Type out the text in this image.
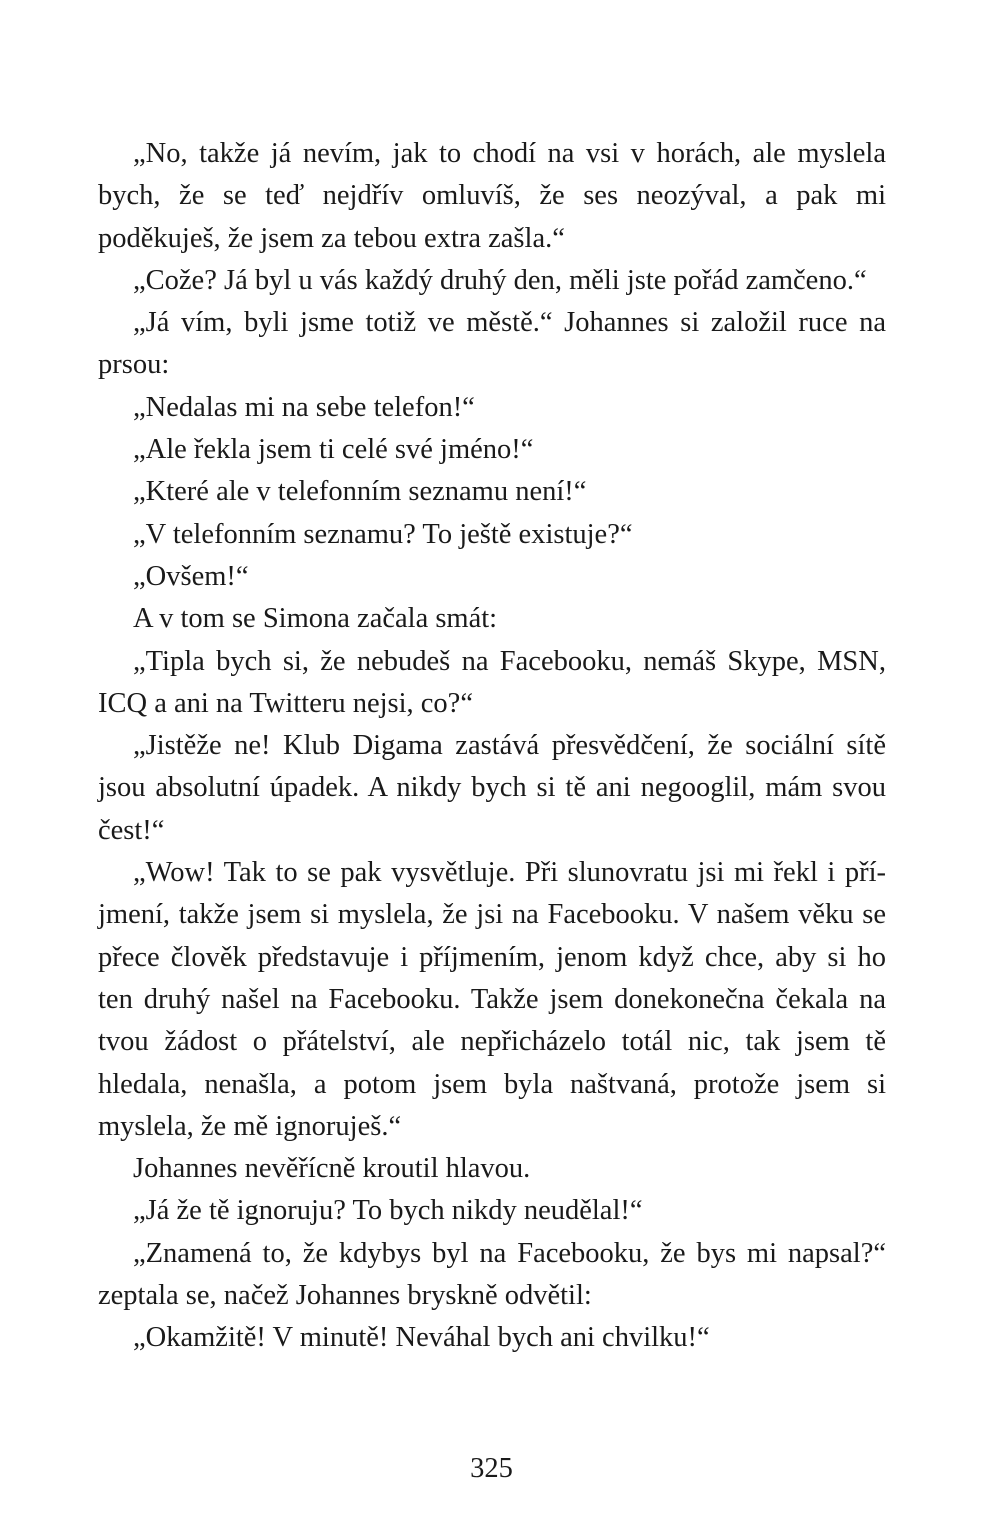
„No, takže já nevím, jak to chodí na vsi v horách, ale myslela bych, že se teď nejdřív omluvíš, že ses neozýval, a pak mi poděkuješ, že jsem za tebou extra zašla.“

„Cože? Já byl u vás každý druhý den, měli jste pořád zamčeno.“

„Já vím, byli jsme totiž ve městě.“ Johannes si založil ruce na prsou:

„Nedalas mi na sebe telefon!“

„Ale řekla jsem ti celé své jméno!“

„Které ale v telefonním seznamu není!“

„V telefonním seznamu? To ještě existuje?“

„Ovšem!“

A v tom se Simona začala smát:

„Tipla bych si, že nebudeš na Facebooku, nemáš Skype, MSN, ICQ a ani na Twitteru nejsi, co?“

„Jistěže ne! Klub Digama zastává přesvědčení, že sociální sítě jsou absolutní úpadek. A nikdy bych si tě ani negooglil, mám svou čest!“

„Wow! Tak to se pak vysvětluje. Při slunovratu jsi mi řekl i příjmení, takže jsem si myslela, že jsi na Facebooku. V našem věku se přece člověk představuje i příjmením, jenom když chce, aby si ho ten druhý našel na Facebooku. Takže jsem donekonečna čekala na tvou žádost o přátelství, ale nepřicházelo totál nic, tak jsem tě hledala, nenašla, a potom jsem byla naštvaná, protože jsem si myslela, že mě ignoruješ.“

Johannes nevěřícně kroutil hlavou.

„Já že tě ignoruju? To bych nikdy neudělal!“

„Znamená to, že kdybys byl na Facebooku, že bys mi napsal?“ zeptala se, načež Johannes bryskně odvětil:

„Okamžitě! V minutě! Neváhal bych ani chvilku!“

325
